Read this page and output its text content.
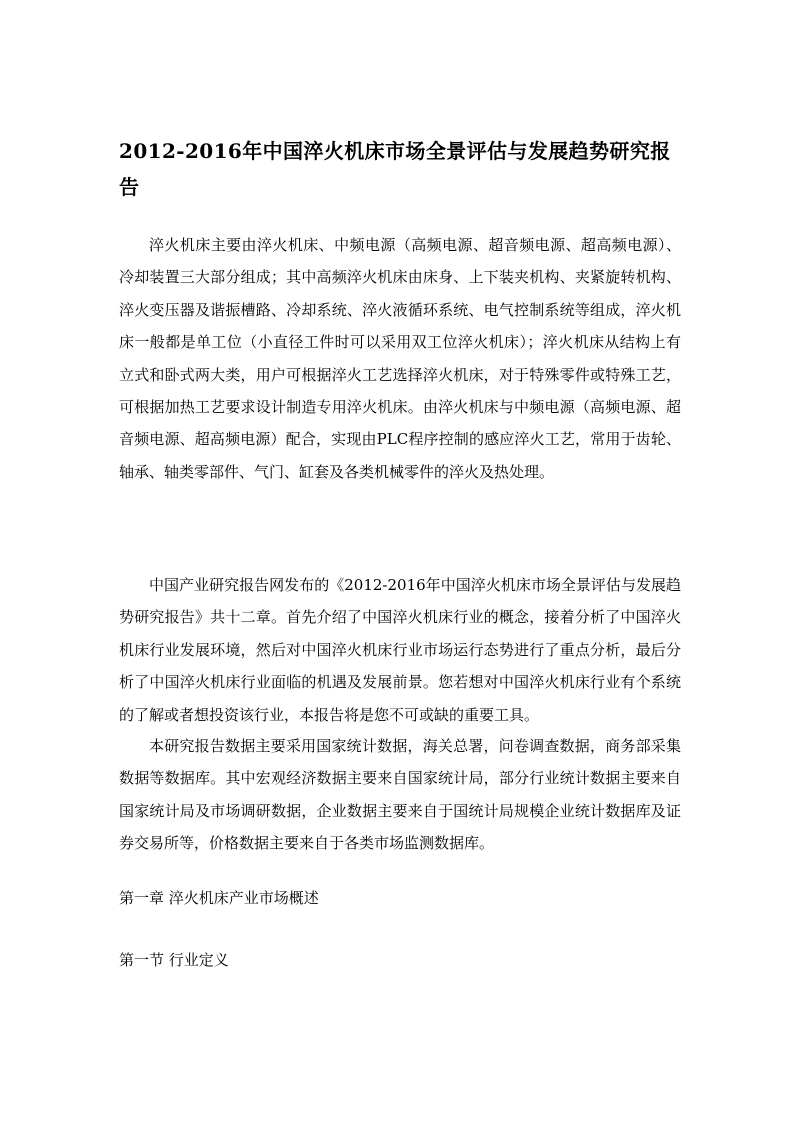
2012-2016年中国淬火机床市场全景评估与发展趋势研究报告

淬火机床主要由淬火机床、中频电源（高频电源、超音频电源、超高频电源）、冷却装置三大部分组成；其中高频淬火机床由床身、上下装夹机构、夹紧旋转机构、淬火变压器及谐振槽路、冷却系统、淬火液循环系统、电气控制系统等组成，淬火机床一般都是单工位（小直径工件时可以采用双工位淬火机床）；淬火机床从结构上有立式和卧式两大类，用户可根据淬火工艺选择淬火机床，对于特殊零件或特殊工艺，可根据加热工艺要求设计制造专用淬火机床。由淬火机床与中频电源（高频电源、超音频电源、超高频电源）配合，实现由PLC程序控制的感应淬火工艺，常用于齿轮、轴承、轴类零部件、气门、缸套及各类机械零件的淬火及热处理。

中国产业研究报告网发布的《2012-2016年中国淬火机床市场全景评估与发展趋势研究报告》共十二章。首先介绍了中国淬火机床行业的概念，接着分析了中国淬火机床行业发展环境，然后对中国淬火机床行业市场运行态势进行了重点分析，最后分析了中国淬火机床行业面临的机遇及发展前景。您若想对中国淬火机床行业有个系统的了解或者想投资该行业，本报告将是您不可或缺的重要工具。

本研究报告数据主要采用国家统计数据，海关总署，问卷调查数据，商务部采集数据等数据库。其中宏观经济数据主要来自国家统计局，部分行业统计数据主要来自国家统计局及市场调研数据，企业数据主要来自于国统计局规模企业统计数据库及证券交易所等，价格数据主要来自于各类市场监测数据库。

第一章 淬火机床产业市场概述
第一节 行业定义
